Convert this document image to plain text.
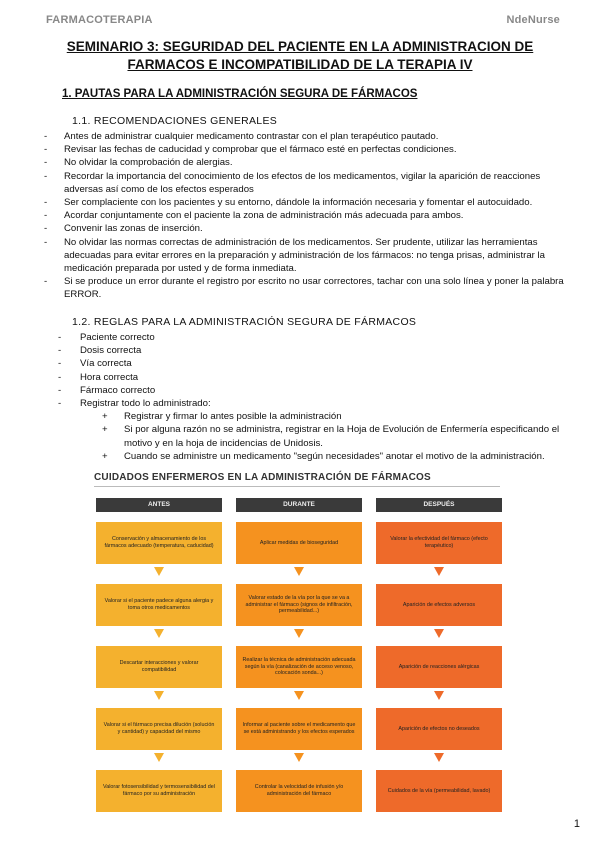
FARMACOTERAPIA	NdeNurse
SEMINARIO 3: SEGURIDAD DEL PACIENTE EN LA ADMINISTRACION DE
FARMACOS E INCOMPATIBILIDAD DE LA TERAPIA IV
1. PAUTAS PARA LA ADMINISTRACIÓN SEGURA DE FÁRMACOS
1.1. RECOMENDACIONES GENERALES
- Antes de administrar cualquier medicamento contrastar con el plan terapéutico pautado.
- Revisar las fechas de caducidad y comprobar que el fármaco esté en perfectas condiciones.
- No olvidar la comprobación de alergias.
- Recordar la importancia del conocimiento de los efectos de los medicamentos, vigilar la aparición de reacciones adversas así como de los efectos esperados
- Ser complaciente con los pacientes y su entorno, dándole la información necesaria y fomentar el autocuidado.
- Acordar conjuntamente con el paciente la zona de administración más adecuada para ambos.
- Convenir las zonas de inserción.
- No olvidar las normas correctas de administración de los medicamentos. Ser prudente, utilizar las herramientas adecuadas para evitar errores en la preparación y administración de los fármacos: no tenga prisas, administrar la medicación preparada por usted y de forma inmediata.
- Si se produce un error durante el registro por escrito no usar correctores, tachar con una solo línea y poner la palabra ERROR.
1.2. REGLAS PARA LA ADMINISTRACIÓN SEGURA DE FÁRMACOS
- Paciente correcto
- Dosis correcta
- Vía correcta
- Hora correcta
- Fármaco correcto
- Registrar todo lo administrado:
+ Registrar y firmar lo antes posible la administración
+ Si por alguna razón no se administra, registrar en la Hoja de Evolución de Enfermería especificando el motivo y en la hoja de incidencias de Unidosis.
+ Cuando se administre un medicamento "según necesidades" anotar el motivo de la administración.
CUIDADOS ENFERMEROS EN LA ADMINISTRACIÓN DE FÁRMACOS
ANTES	DURANTE	DESPUÉS
Conservación y almacenamiento de los fármacos adecuado (temperatura, caducidad)
Aplicar medidas de bioseguridad
Valorar la efectividad del fármaco (efecto terapéutico)
Valorar si el paciente padece alguna alergia y toma otros medicamentos
Valorar estado de la vía por la que se va a administrar el fármaco (signos de infiltración, permeabilidad...)
Aparición de efectos adversos
Descartar interacciones y valorar compatibilidad
Realizar la técnica de administración adecuada según la vía (canalización de acceso venoso, colocación sonda...)
Aparición de reacciones alérgicas
Valorar si el fármaco precisa dilución (solución y cantidad) y capacidad del mismo
Informar al paciente sobre el medicamento que se está administrando y los efectos esperados
Aparición de efectos no deseados
Valorar fotosensibilidad y termosensibilidad del fármaco por su administración
Controlar la velocidad de infusión y/o administración del fármaco
Cuidados de la vía (permeabilidad, lavado)
1
